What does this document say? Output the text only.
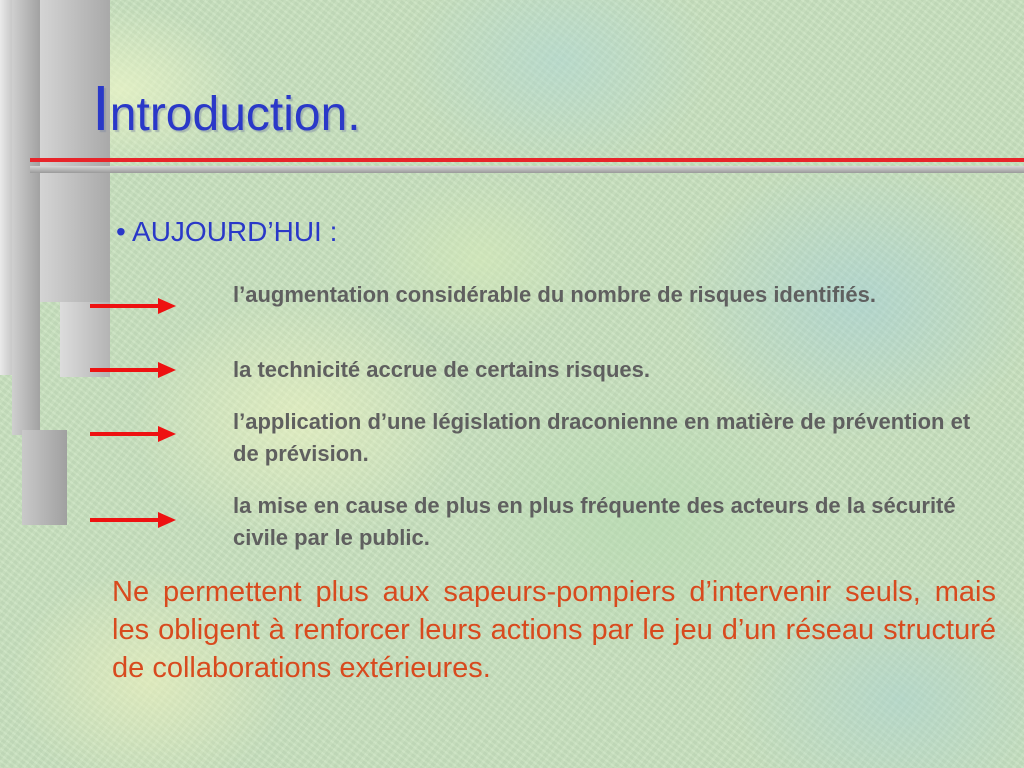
Introduction.
• AUJOURD’HUI :

l’augmentation considérable du nombre de risques identifiés.

la technicité accrue de certains risques.

l’application d’une législation draconienne en matière de prévention et de prévision.

la mise en cause de plus en plus fréquente des acteurs de la sécurité civile par le public.

Ne permettent plus aux sapeurs-pompiers d’intervenir seuls, mais les obligent à renforcer leurs actions par le jeu d’un réseau structuré de collaborations extérieures.
